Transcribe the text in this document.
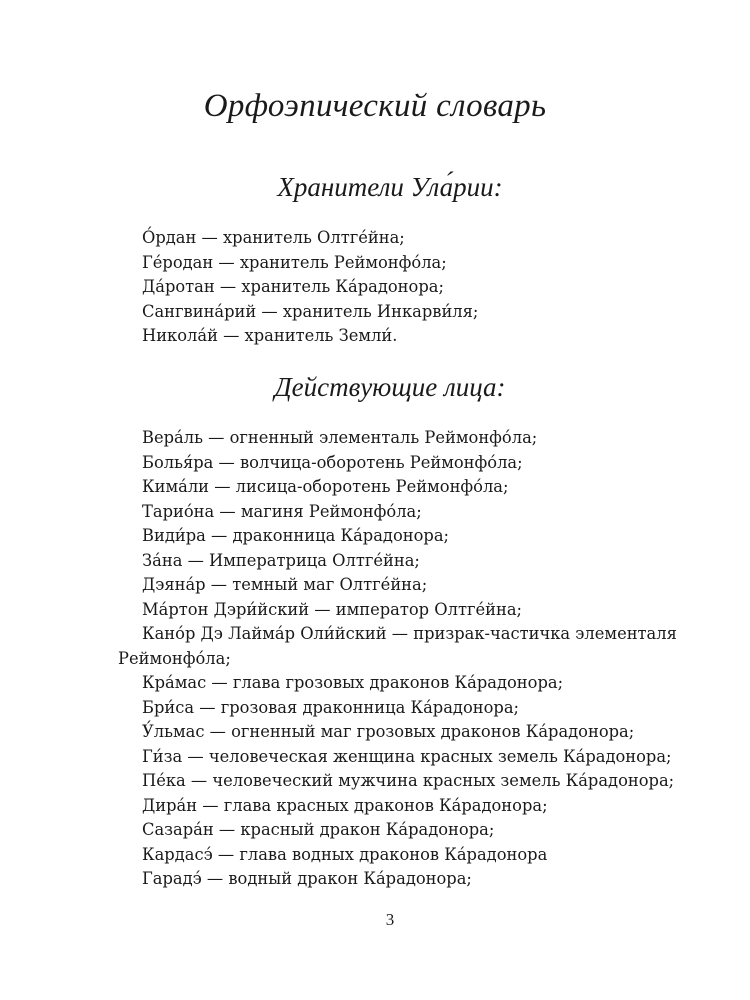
Орфоэпический словарь
Хранители Ула́рии:
О́рдан — хранитель Олтге́йна;
Ге́родан — хранитель Реймонфо́ла;
Да́ротан — хранитель Ка́радонора;
Сангвина́рий — хранитель Инкарви́ля;
Никола́й — хранитель Земли́.
Действующие лица:
Вера́ль — огненный элементаль Реймонфо́ла;
Болья́ра — волчица-оборотень Реймонфо́ла;
Кима́ли — лисица-оборотень Реймонфо́ла;
Тарио́на — магиня Реймонфо́ла;
Види́ра — драконница Ка́радонора;
За́на — Императрица Олтге́йна;
Дэяна́р — темный маг Олтге́йна;
Ма́ртон Дэри́йский — император Олтге́йна;
Кано́р Дэ Лайма́р Оли́йский — призрак-частичка элементаля
Реймонфо́ла;
Кра́мас — глава грозовых драконов Ка́радонора;
Бри́са — грозовая драконница Ка́радонора;
У́льмас — огненный маг грозовых драконов Ка́радонора;
Ги́за — человеческая женщина красных земель Ка́радонора;
Пе́ка — человеческий мужчина красных земель Ка́радонора;
Дира́н — глава красных драконов Ка́радонора;
Сазара́н — красный дракон Ка́радонора;
Кардасэ́ — глава водных драконов Ка́радонора
Гарадэ́ — водный дракон Ка́радонора;
3
